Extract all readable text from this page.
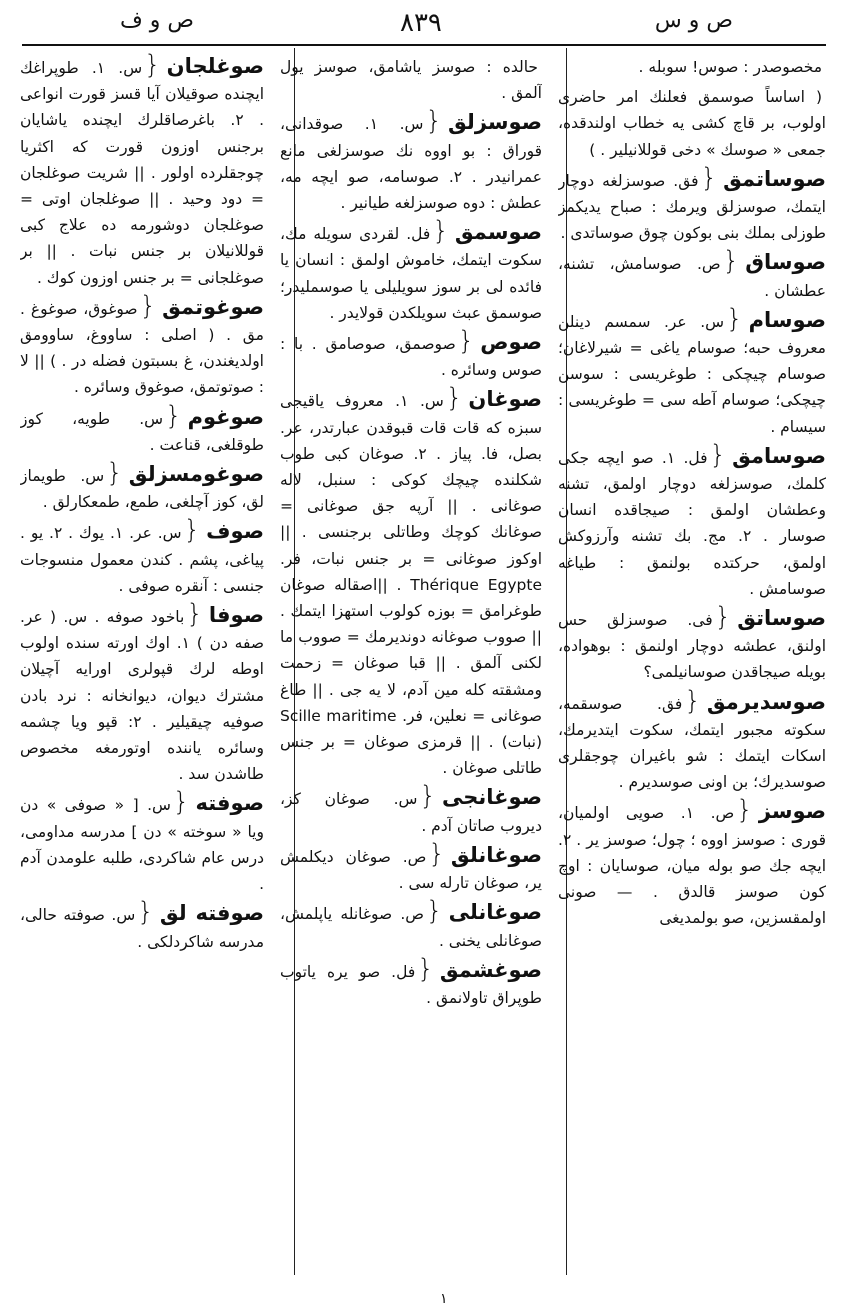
ص و ف	٨٣٩	ص و س
مخصوصدر : صوس! سوبله .
( اساساً صوسمق فعلنك امر حاضری اولوب، بر قاچ كشی یه خطاب اولندقده، جمعی « صوسك » دخی قوللانیلیر . )
صوساتمق{فق. صوسزلغه دوچار ایتمك، صوسزلق ویرمك : صباح یدیكمز طوزلی بملك بنی بوكون چوق صوساتدی .
صوساق{ص. صوسامش، تشنه، عطشان .
صوسام{س. عر. سمسم دینلن معروف حبه؛ صوسام یاغی = شیرلاغان؛ صوسام چیچكی : طوغریسی : سوسن چیچكی؛ صوسام آطه سی = طوغریسی : سیسام .
صوسامق{فل. ١. صو ایچه جكی كلمك، صوسزلغه دوچار اولمق، تشنه وعطشان اولمق : صیجاقده انسان صوسار . ٢. مج. بك تشنه وآرزوكش اولمق، حركتده بولنمق : طیاغه صوسامش .
صوساتق{فی. صوسزلق حس اولنق، عطشه دوچار اولنمق : بوهواده، بویله صیجاقدن صوسانیلمی؟
صوسدیرمق{فق. صوسقمه، سكوته مجبور ایتمك، سكوت ایتدیرمك، اسكات ایتمك : شو باغیران چوجقلری صوسدیرك؛ بن اونی صوسدیرم .
صوسز{ص. ١. صویی اولمیان، قوری : صوسز اووه ؛ چول؛ صوسز یر . ٢. ایچه جك صو بوله میان، صوسایان : اوچ كون صوسز قالدق . — صونی اولمقسزین، صو بولمدیغی
حالده : صوسز یاشامق، صوسز یول آلمق .
صوسزلق{س. ١. صوقدانی، قوراق : بو اووه نك صوسزلغی مانع عمرانیدر . ٢. صوسامه، صو ایچه مه، عطش : دوه صوسزلغه طیانیر .
صوسمق{فل. لقردی سویله مك، سكوت ایتمك، خاموش اولمق : انسان یا فائده لی بر سوز سویلیلی یا صوسملیدر؛ صوسمق عبث سویلكدن قولایدر .
صوص{صوصمق، صوصامق . با : صوس وسائره .
صوغان{س. ١. معروف یاقیجی سبزه كه قات قات قبوقدن عبارتدر، عر. بصل، فا. پیاز . ٢. صوغان كبی طوب شكلنده چیچك كوكی : سنبل، لاله صوغانی . || آرپه جق صوغانی = صوغانك كوچك وطاتلی برجنسی . || اوكوز صوغانی = بر جنس نبات، فر. Thérique Egypte . ||اصقاله صوغان طوغرامق = بوزه كولوب استهزا ایتمك . || صووب صوغانه دوندیرمك = صووب ما لكنی آلمق . || قبا صوغان = زحمت ومشقته كله مین آدم، لا یه جی . || طاغ صوغانی = نعلین، فر. Scille maritime (نبات) . || قرمزی صوغان = بر جنس طاتلی صوغان .
صوغانجی{س. صوغان كز، دیروب صاتان آدم .
صوغانلق{ص. صوغان دیكلمش یر، صوغان تارله سی .
صوغانلی{ص. صوغانله یاپلمش، صوغانلی یخنی .
صوغشمق{فل. صو یره یاتوب طوپراق تاولانمق .
صوغلجان{س. ١. طوپراغك ایچنده صوقیلان آیا قسز قورت انواعی . ٢. باغرصاقلرك ایچنده یاشایان برجنس اوزون قورت كه اكثریا چوجقلرده اولور . || شریت صوغلجان = دود وحید . || صوغلجان اوتی = صوغلجان دوشورمه ده علاج كبی قوللانیلان بر جنس نبات . || بر صوغلجانی = بر جنس اوزون كوك .
صوغوتمق{صوغوق، صوغوغ . مق . ( اصلی : ساووغ، ساوومق اولدیغندن، غ بسبتون فضله در . ) || لا : صوتوتمق، صوغوق وسائره .
صوغوم{س. طویه، كوز طوقلغی، قناعت .
صوغومسزلق{س. طویماز لق، كوز آچلغی، طمع، طمعكارلق .
صوف{س. عر. ١. یوك . ٢. یو . پیاغی، پشم . كندن معمول منسوجات جنسی : آنقره صوفی .
صوفا{باخود صوفه . س. ( عر. صفه دن ) ١. اوك اورته سنده اولوب اوطه لرك قپولری اورایه آچیلان مشترك دیوان، دیوانخانه : نرد بادن صوفیه چیقیلیر . ٢: قپو ویا چشمه وسائره یاننده اوتورمغه مخصوص طاشدن سد .
صوفته{س. [ « صوفی » دن ویا « سوخته » دن ] مدرسه مداومی، درس عام شاكردی، طلبه علومدن آدم .
صوفته لق{س. صوفته حالی، مدرسه شاكردلكی .
١
